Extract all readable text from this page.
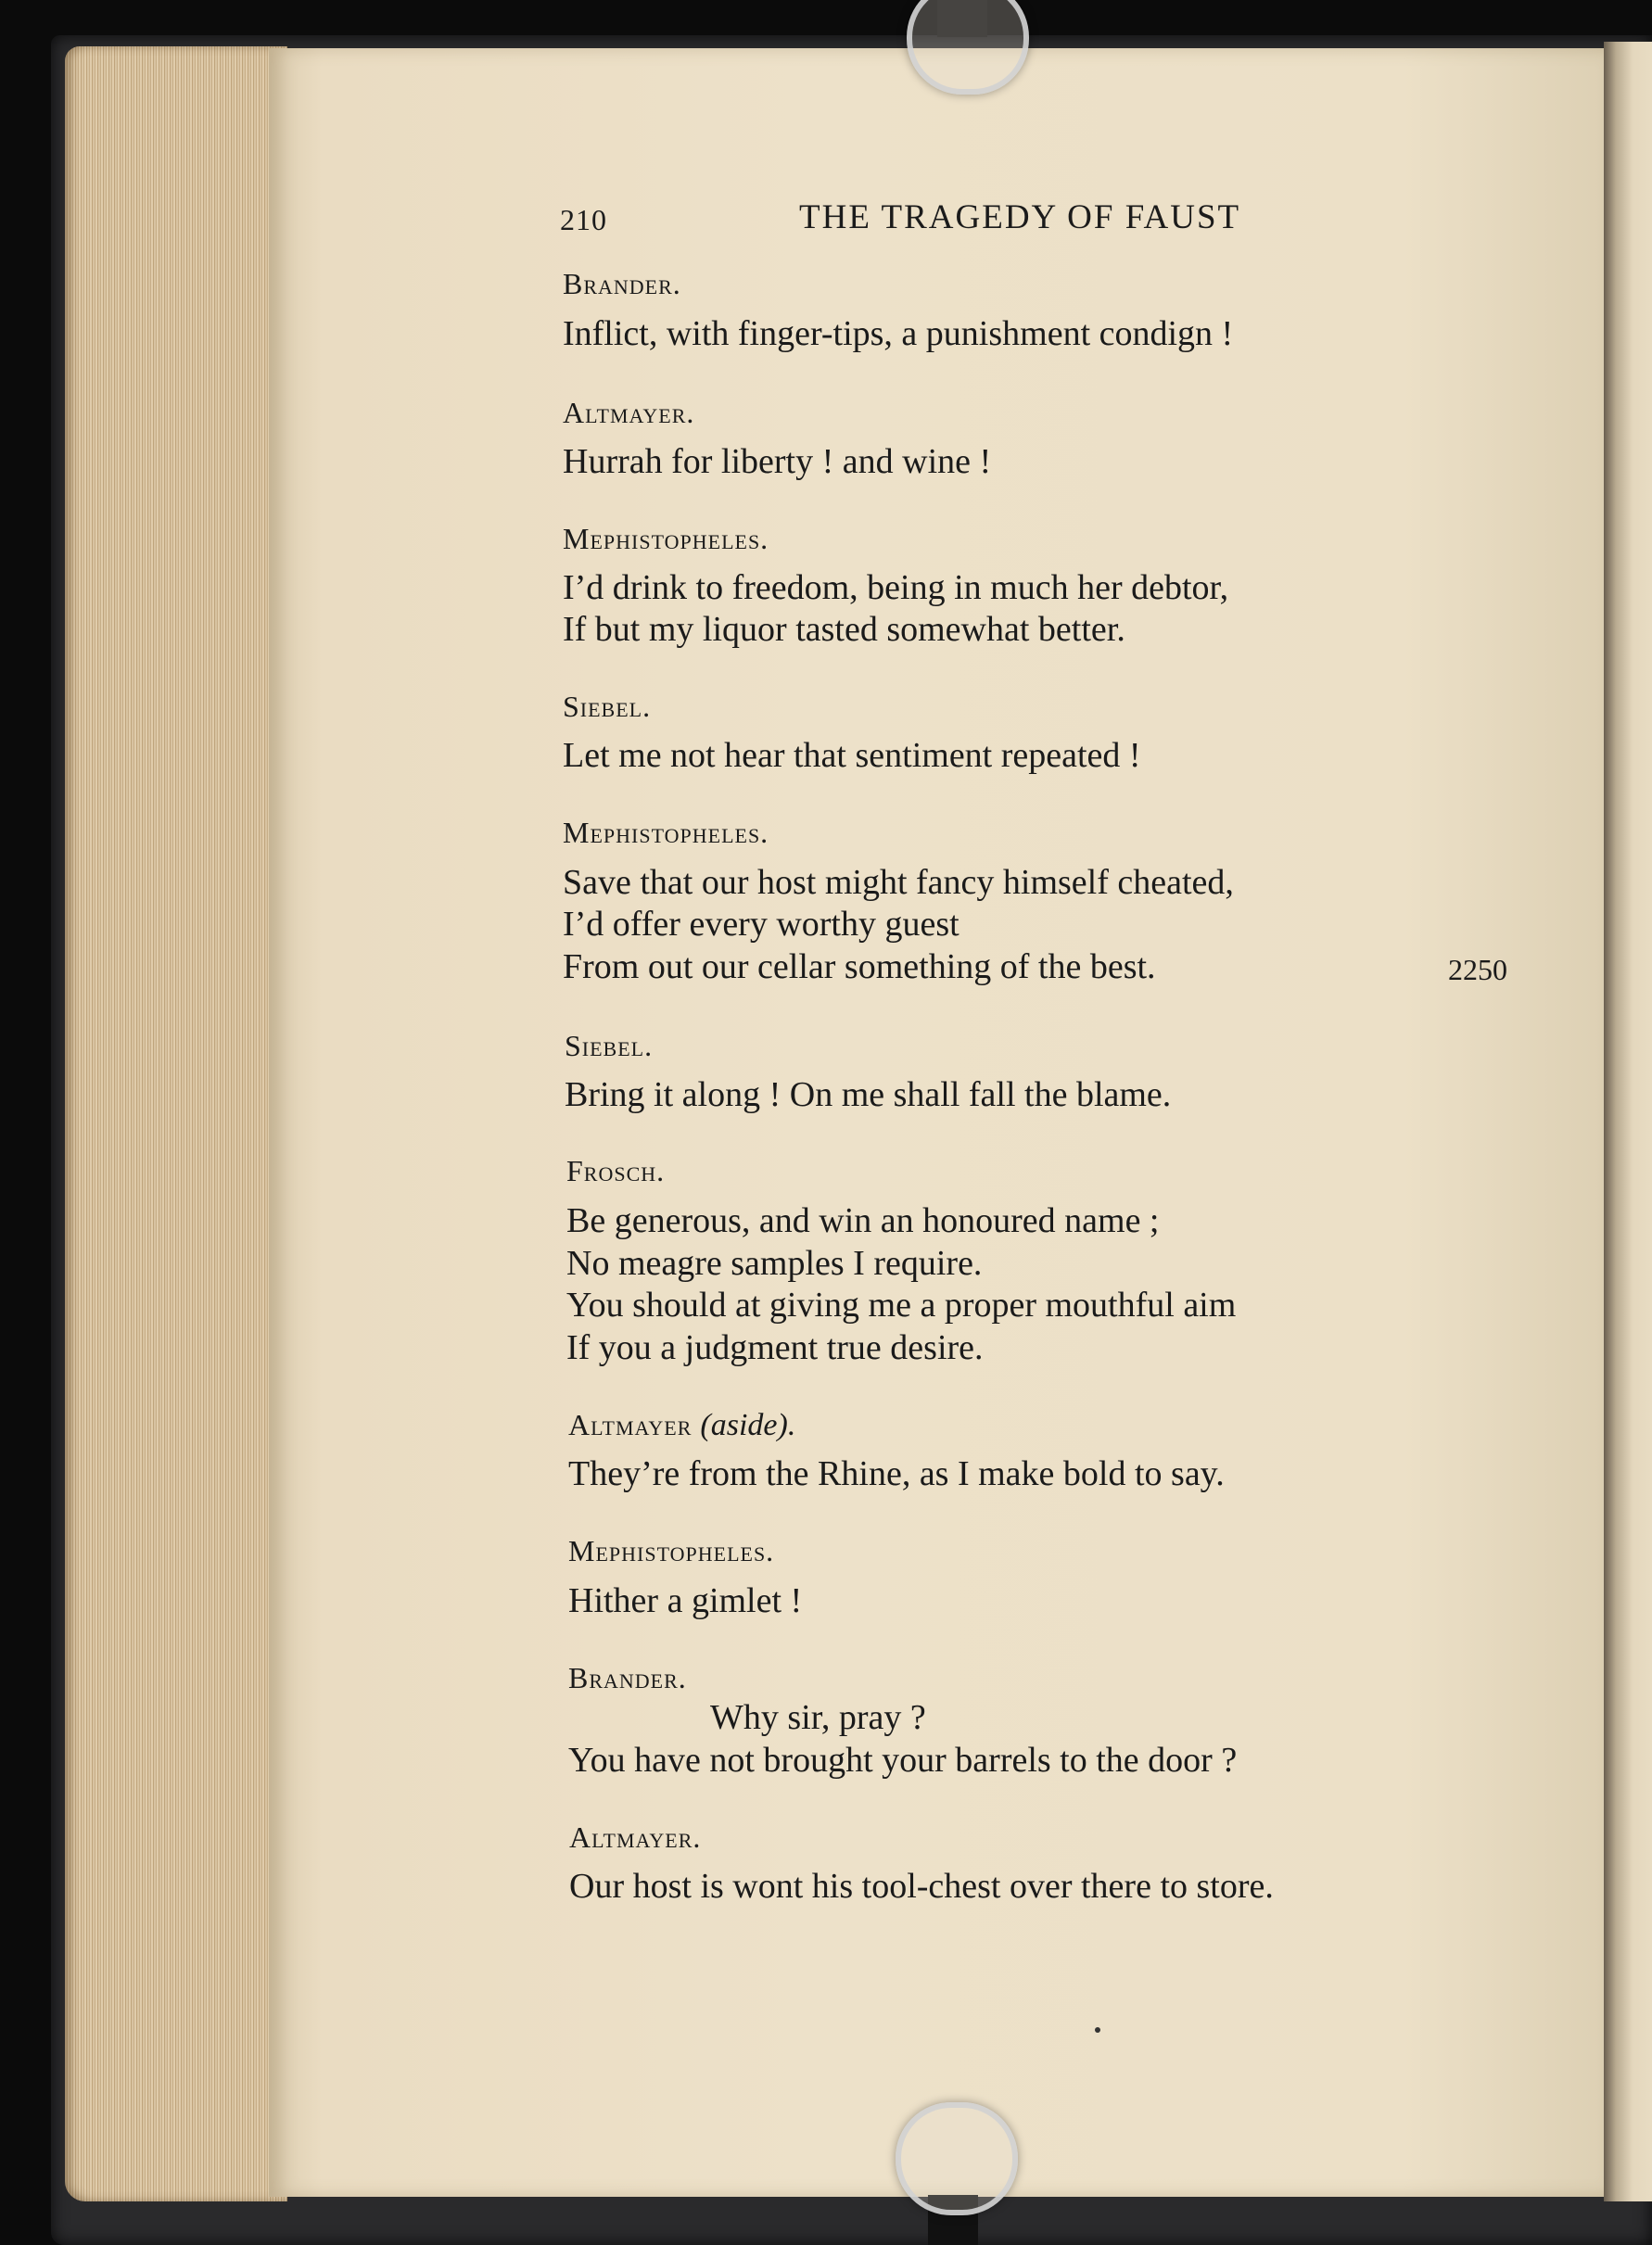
210	THE TRAGEDY OF FAUST
Brander.
Inflict, with finger-tips, a punishment condign !
Altmayer.
Hurrah for liberty ! and wine !
Mephistopheles.
I’d drink to freedom, being in much her debtor,
If but my liquor tasted somewhat better.
Siebel.
Let me not hear that sentiment repeated !
Mephistopheles.
Save that our host might fancy himself cheated,
I’d offer every worthy guest
From out our cellar something of the best.	2250
Siebel.
Bring it along ! On me shall fall the blame.
Frosch.
Be generous, and win an honoured name ;
No meagre samples I require.
You should at giving me a proper mouthful aim
If you a judgment true desire.
Altmayer (aside).
They’re from the Rhine, as I make bold to say.
Mephistopheles.
Hither a gimlet !
Brander.
Why sir, pray ?
You have not brought your barrels to the door ?
Altmayer.
Our host is wont his tool-chest over there to store.
